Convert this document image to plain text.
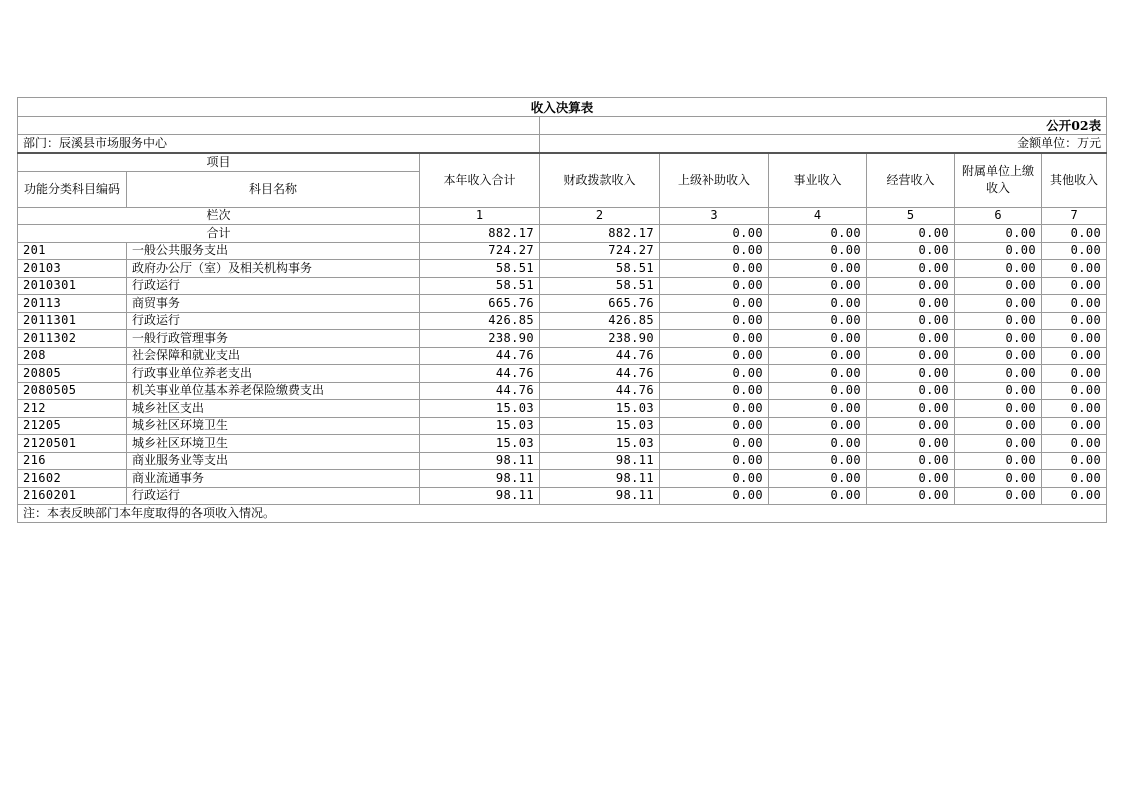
收入决算表								
			公开02表					
部门：辰溪县市场服务中心			金额单位：万元					
项目		本年收入合计	财政拨款收入	上级补助收入	事业收入	经营收入	附属单位上缴收入	其他收入
功能分类科目编码	科目名称							
栏次		1	2	3	4	5	6	7
合计		882.17	882.17	0.00	0.00	0.00	0.00	0.00
201	一般公共服务支出	724.27	724.27	0.00	0.00	0.00	0.00	0.00
20103	政府办公厅（室）及相关机构事务	58.51	58.51	0.00	0.00	0.00	0.00	0.00
2010301	行政运行	58.51	58.51	0.00	0.00	0.00	0.00	0.00
20113	商贸事务	665.76	665.76	0.00	0.00	0.00	0.00	0.00
2011301	行政运行	426.85	426.85	0.00	0.00	0.00	0.00	0.00
2011302	一般行政管理事务	238.90	238.90	0.00	0.00	0.00	0.00	0.00
208	社会保障和就业支出	44.76	44.76	0.00	0.00	0.00	0.00	0.00
20805	行政事业单位养老支出	44.76	44.76	0.00	0.00	0.00	0.00	0.00
2080505	机关事业单位基本养老保险缴费支出	44.76	44.76	0.00	0.00	0.00	0.00	0.00
212	城乡社区支出	15.03	15.03	0.00	0.00	0.00	0.00	0.00
21205	城乡社区环境卫生	15.03	15.03	0.00	0.00	0.00	0.00	0.00
2120501	城乡社区环境卫生	15.03	15.03	0.00	0.00	0.00	0.00	0.00
216	商业服务业等支出	98.11	98.11	0.00	0.00	0.00	0.00	0.00
21602	商业流通事务	98.11	98.11	0.00	0.00	0.00	0.00	0.00
2160201	行政运行	98.11	98.11	0.00	0.00	0.00	0.00	0.00
注：本表反映部门本年度取得的各项收入情况。								
